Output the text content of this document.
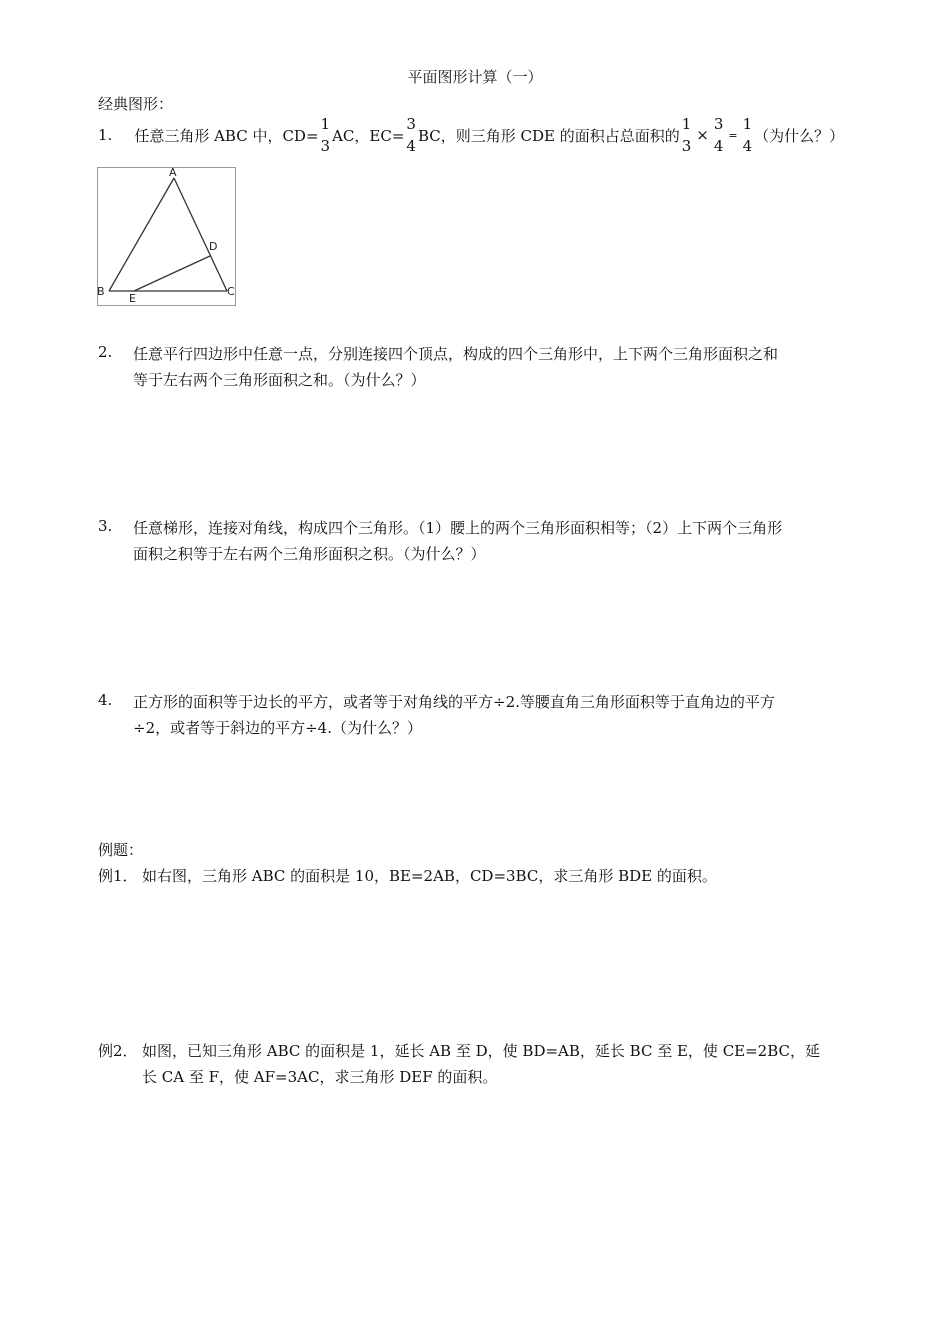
平面图形计算（一）
经典图形：
1. 任意三角形 ABC 中，CD=
1
3
AC，EC=
3
4
BC，则三角形 CDE 的面积占总面积的
1
3
×
3
4
=
1
4
（为什么？）
A
B	C
D
E
2. 任意平行四边形中任意一点，分别连接四个顶点，构成的四个三角形中，上下两个三角形面积之和
等于左右两个三角形面积之和。（为什么？）
3. 任意梯形，连接对角线，构成四个三角形。（1）腰上的两个三角形面积相等；（2）上下两个三角形
面积之积等于左右两个三角形面积之积。（为什么？）
4. 正方形的面积等于边长的平方，或者等于对角线的平方÷2.等腰直角三角形面积等于直角边的平方
÷2，或者等于斜边的平方÷4.（为什么？）
例题：
例1． 如右图，三角形 ABC 的面积是 10，BE=2AB，CD=3BC，求三角形 BDE 的面积。
例2． 如图，已知三角形 ABC 的面积是 1，延长 AB 至 D，使 BD=AB，延长 BC 至 E，使 CE=2BC，延
长 CA 至 F，使 AF=3AC，求三角形 DEF 的面积。
